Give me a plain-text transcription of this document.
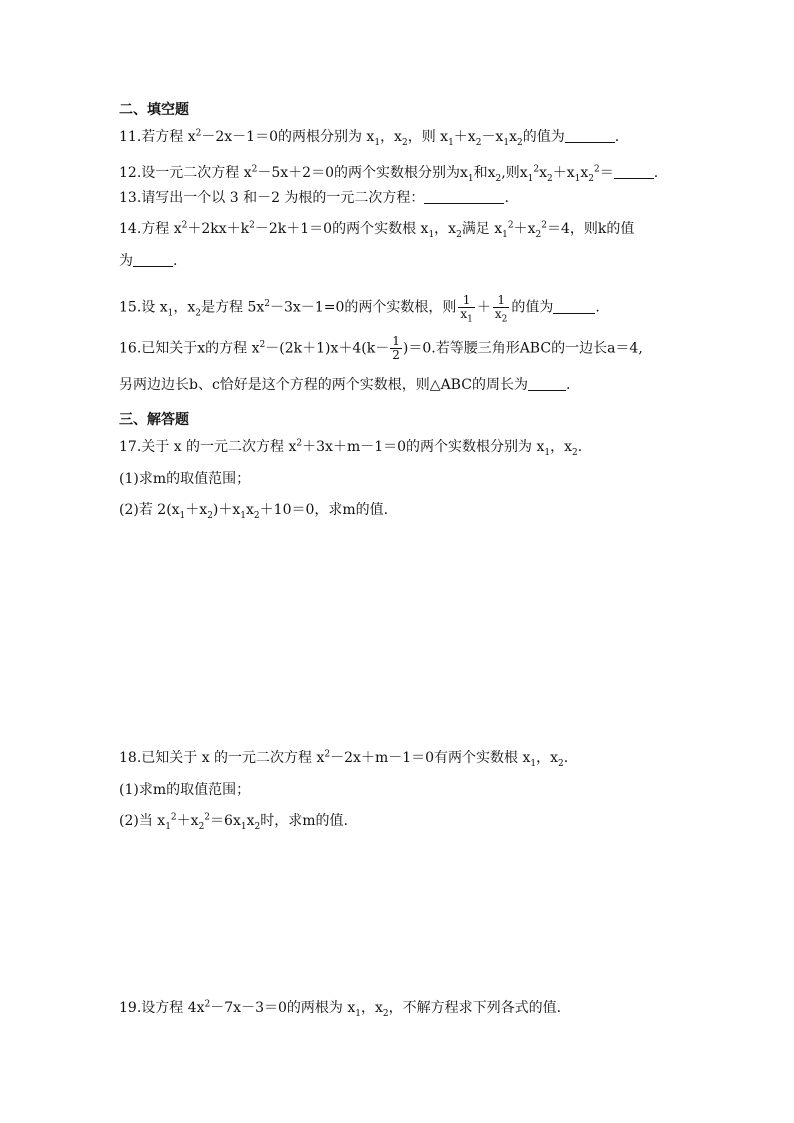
二、填空题
11.若方程 $x^2-2x-1=0$的两根分别为 $x_1$，$x_2$，则 $x_1+x_2-x_1x_2$的值为	.
12.设一元二次方程 $x^2-5x+2=0$的两个实数根分别为$x_1$和$x_2$,则$x_1^2x_2+x_1x_2^2=$	.
13.请写出一个以 3 和－2 为根的一元二次方程：	.
14.方程 $x^2+2kx+k^2-2k+1=0$的两个实数根 $x_1$，$x_2$满足 $x_1^2+x_2^2=4$，则k的值
为	.
15.设 $x_1$，$x_2$是方程 $5x^2-3x-1=0$的两个实数根，则 $\frac{1}{x_1} + \frac{1}{x_2}$ 的值为	.
16.已知关于x的方程 $x^2-(2k+1)x+4(k- \frac{1}{2} )=0$.若等腰三角形ABC的一边长a＝4,
另两边边长b、c恰好是这个方程的两个实数根，则△ABC的周长为	.
三、解答题
17.关于 x 的一元二次方程 $x^2+3x+m-1=0$的两个实数根分别为 $x_1$，$x_2$.
(1)求m的取值范围；
(2)若 $2(x_1+x_2)+x_1x_2+10=0$，求m的值.
18.已知关于 x 的一元二次方程 $x^2-2x+m-1=0$有两个实数根 $x_1$，$x_2$.
(1)求m的取值范围；
(2)当 $x_1^2+x_2^2=6x_1x_2$时，求m的值.
19.设方程 $4x^2-7x-3=0$的两根为 $x_1$，$x_2$，不解方程求下列各式的值.
